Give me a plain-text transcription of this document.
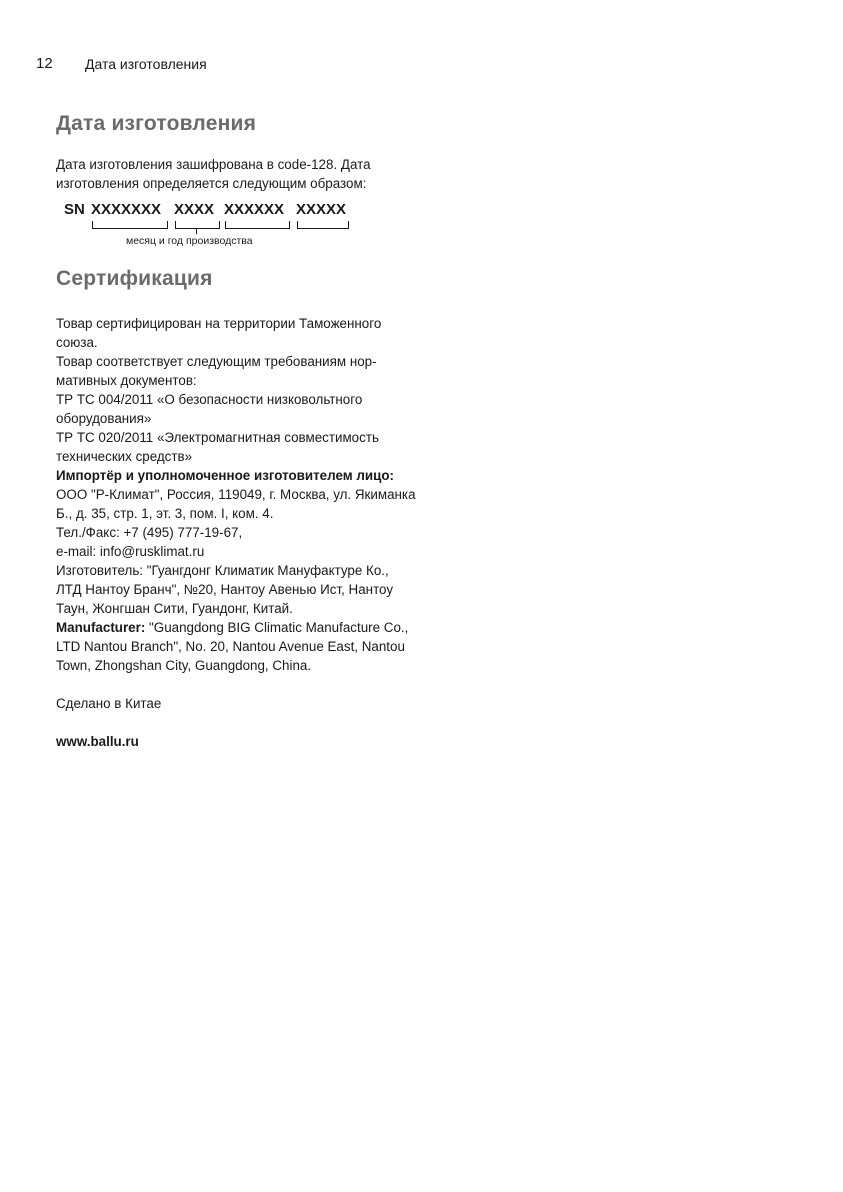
12 Дата изготовления
Дата изготовления

Дата изготовления зашифрована в code-128. Дата изготовления определяется следующим образом:

SN XXXXXXX XXXX XXXXXX XXXXX
месяц и год производства
Сертификация

Товар сертифицирован на территории Таможенного союза.

Товар соответствует следующим требованиям нор-мативных документов:

ТР ТС 004/2011 «О безопасности низковольтного оборудования»

ТР ТС 020/2011 «Электромагнитная совместимость технических средств»

Импортёр и уполномоченное изготовителем лицо: ООО "Р-Климат", Россия, 119049, г. Москва, ул. Якиманка Б., д. 35, стр. 1, эт. 3, пом. I, ком. 4.

Тел./Факс: +7 (495) 777-19-67,

e-mail: info@rusklimat.ru

Изготовитель: "Гуангдонг Климатик Мануфактуре Ко., ЛТД Нантоу Бранч", №20, Нантоу Авенью Ист, Нантоу Таун, Жонгшан Сити, Гуандонг, Китай.

Manufacturer: "Guangdong BIG Climatic Manufacture Co., LTD Nantou Branch", No. 20, Nantou Avenue East, Nantou Town, Zhongshan City, Guangdong, China.

Сделано в Китае

www.ballu.ru
